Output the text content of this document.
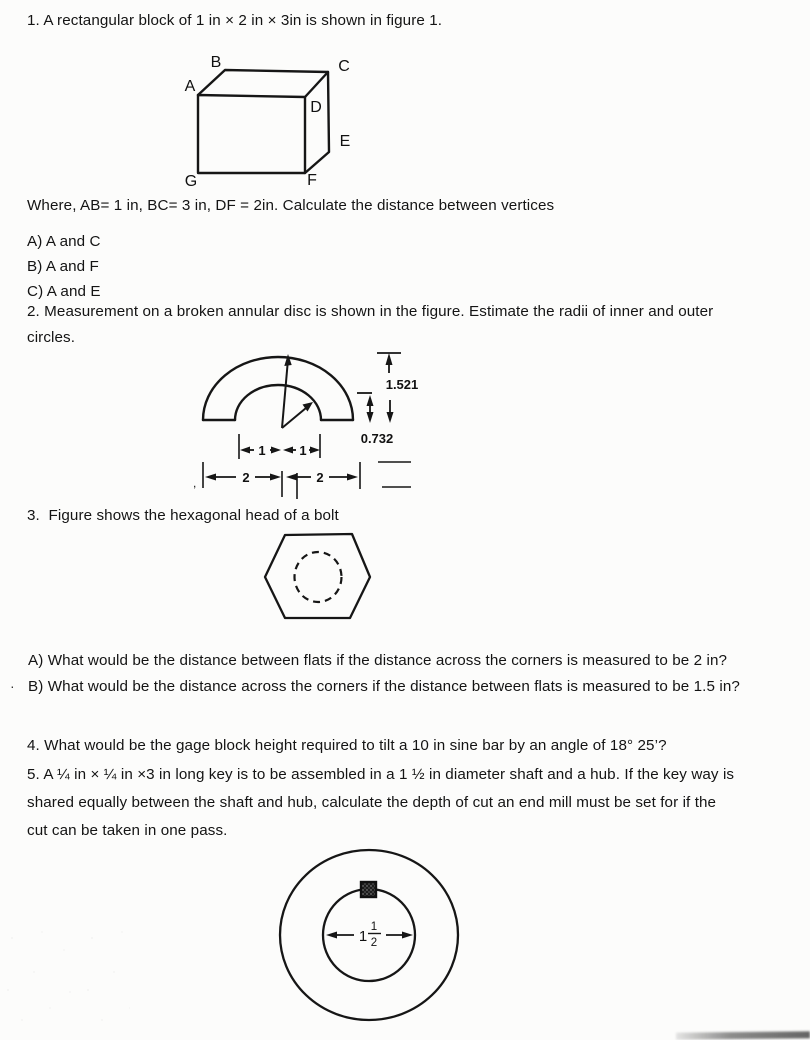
1. A rectangular block of 1 in × 2 in × 3in is shown in figure 1.
A
B	C
D
E
F
G
Where, AB= 1 in, BC= 3 in, DF = 2in. Calculate the distance between vertices
A) A and C
B) A and F
C) A and E
2. Measurement on a broken annular disc is shown in the figure. Estimate the radii of inner and outer
circles.
1.521
0.732
1	1
,	2	2
3.  Figure shows the hexagonal head of a bolt
·
A) What would be the distance between flats if the distance across the corners is measured to be 2 in?
B) What would be the distance across the corners if the distance between flats is measured to be 1.5 in?
4. What would be the gage block height required to tilt a 10 in sine bar by an angle of 18° 25’?
5. A ¼ in × ¼ in ×3 in long key is to be assembled in a 1 ½ in diameter shaft and a hub. If the key way is
shared equally between the shaft and hub, calculate the depth of cut an end mill must be set for if the
cut can be taken in one pass.
1
1
2
